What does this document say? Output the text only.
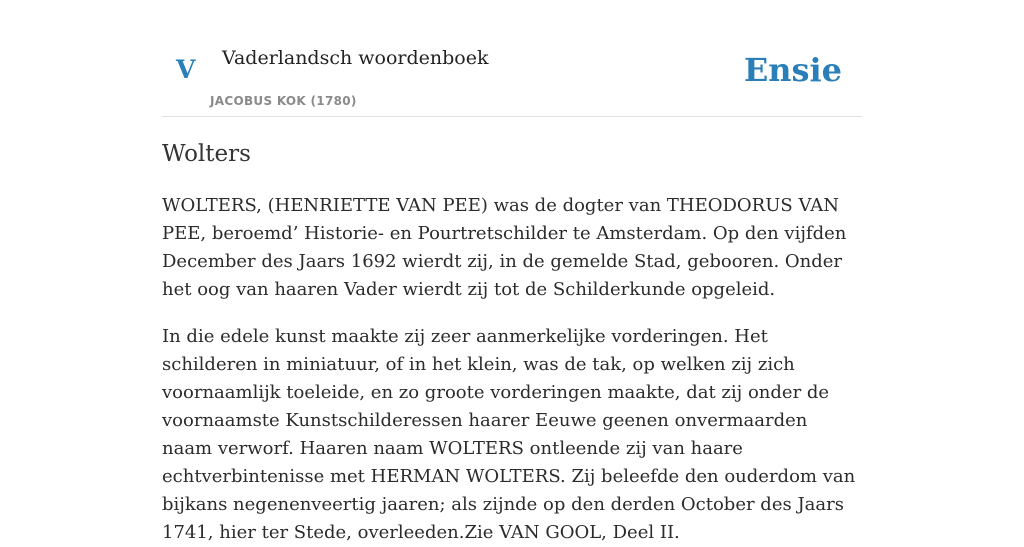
V Vaderlandsch woordenboek
JACOBUS KOK (1780)
Ensie
Wolters

WOLTERS, (HENRIETTE VAN PEE) was de dogter van THEODORUS VAN PEE, beroemd’ Historie- en Pourtretschilder te Amsterdam. Op den vijfden December des Jaars 1692 wierdt zij, in de gemelde Stad, gebooren. Onder het oog van haaren Vader wierdt zij tot de Schilderkunde opgeleid.

In die edele kunst maakte zij zeer aanmerkelijke vorderingen. Het schilderen in miniatuur, of in het klein, was de tak, op welken zij zich voornaamlijk toeleide, en zo groote vorderingen maakte, dat zij onder de voornaamste Kunstschilderessen haarer Eeuwe geenen onvermaarden naam verworf. Haaren naam WOLTERS ontleende zij van haare echtverbintenisse met HERMAN WOLTERS. Zij beleefde den ouderdom van bijkans negenenveertig jaaren; als zijnde op den derden October des Jaars 1741, hier ter Stede, overleeden.Zie VAN GOOL, Deel II.
